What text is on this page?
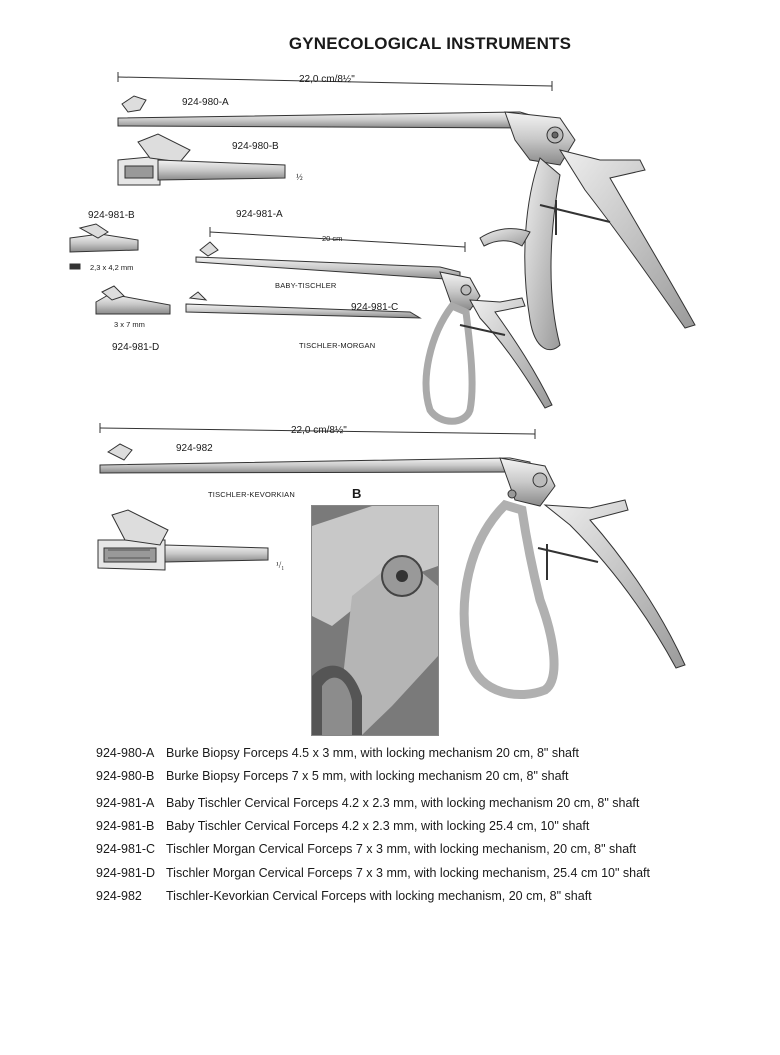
GYNECOLOGICAL INSTRUMENTS
22,0 cm/8½"
924-980-A
924-980-B
½
924-981-B	924-981-A
20 cm
2,3 x 4,2 mm
BABY-TISCHLER
924-981-C
3 x 7 mm
TISCHLER-MORGAN
924-981-D
22,0 cm/8½"
924-982
TISCHLER-KEVORKIAN	B
¹/₁
924-980-A Burke Biopsy Forceps 4.5 x 3 mm, with locking mechanism 20 cm, 8" shaft
924-980-B Burke Biopsy Forceps 7 x 5 mm, with locking mechanism 20 cm, 8" shaft
924-981-A Baby Tischler Cervical Forceps 4.2 x 2.3 mm, with locking mechanism 20 cm, 8" shaft
924-981-B Baby Tischler Cervical Forceps 4.2 x 2.3 mm, with locking 25.4 cm, 10" shaft
924-981-C Tischler Morgan Cervical Forceps 7 x 3 mm, with locking mechanism, 20 cm, 8" shaft
924-981-D Tischler Morgan Cervical Forceps 7 x 3 mm, with locking mechanism, 25.4 cm 10" shaft
924-982	Tischler-Kevorkian Cervical Forceps with locking mechanism, 20 cm, 8" shaft
